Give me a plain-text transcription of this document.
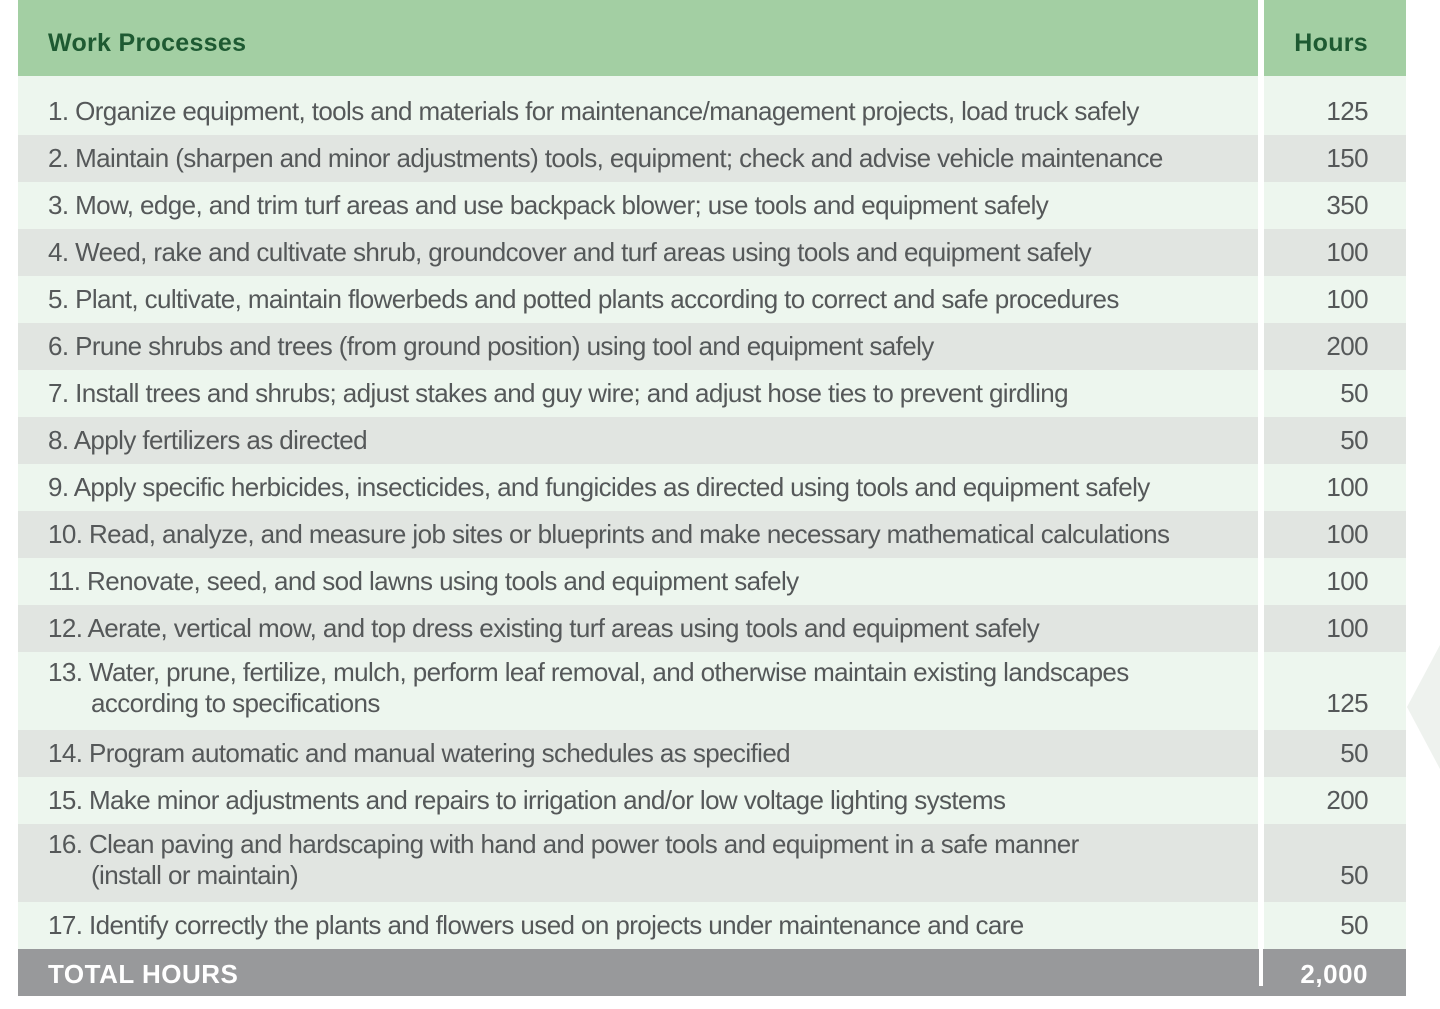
Work Processes	Hours
1. Organize equipment, tools and materials for maintenance/management projects, load truck safely	125
2. Maintain (sharpen and minor adjustments) tools, equipment; check and advise vehicle maintenance	150
3. Mow, edge, and trim turf areas and use backpack blower; use tools and equipment safely	350
4. Weed, rake and cultivate shrub, groundcover and turf areas using tools and equipment safely	100
5. Plant, cultivate, maintain flowerbeds and potted plants according to correct and safe procedures	100
6. Prune shrubs and trees (from ground position) using tool and equipment safely	200
7. Install trees and shrubs; adjust stakes and guy wire; and adjust hose ties to prevent girdling	50
8. Apply fertilizers as directed	50
9. Apply specific herbicides, insecticides, and fungicides as directed using tools and equipment safely	100
10. Read, analyze, and measure job sites or blueprints and make necessary mathematical calculations	100
11. Renovate, seed, and sod lawns using tools and equipment safely	100
12. Aerate, vertical mow, and top dress existing turf areas using tools and equipment safely	100
13. Water, prune, fertilize, mulch, perform leaf removal, and otherwise maintain existing landscapes
according to specifications	125
14. Program automatic and manual watering schedules as specified	50
15. Make minor adjustments and repairs to irrigation and/or low voltage lighting systems	200
16. Clean paving and hardscaping with hand and power tools and equipment in a safe manner
(install or maintain)	50
17. Identify correctly the plants and flowers used on projects under maintenance and care	50
TOTAL HOURS	2,000
